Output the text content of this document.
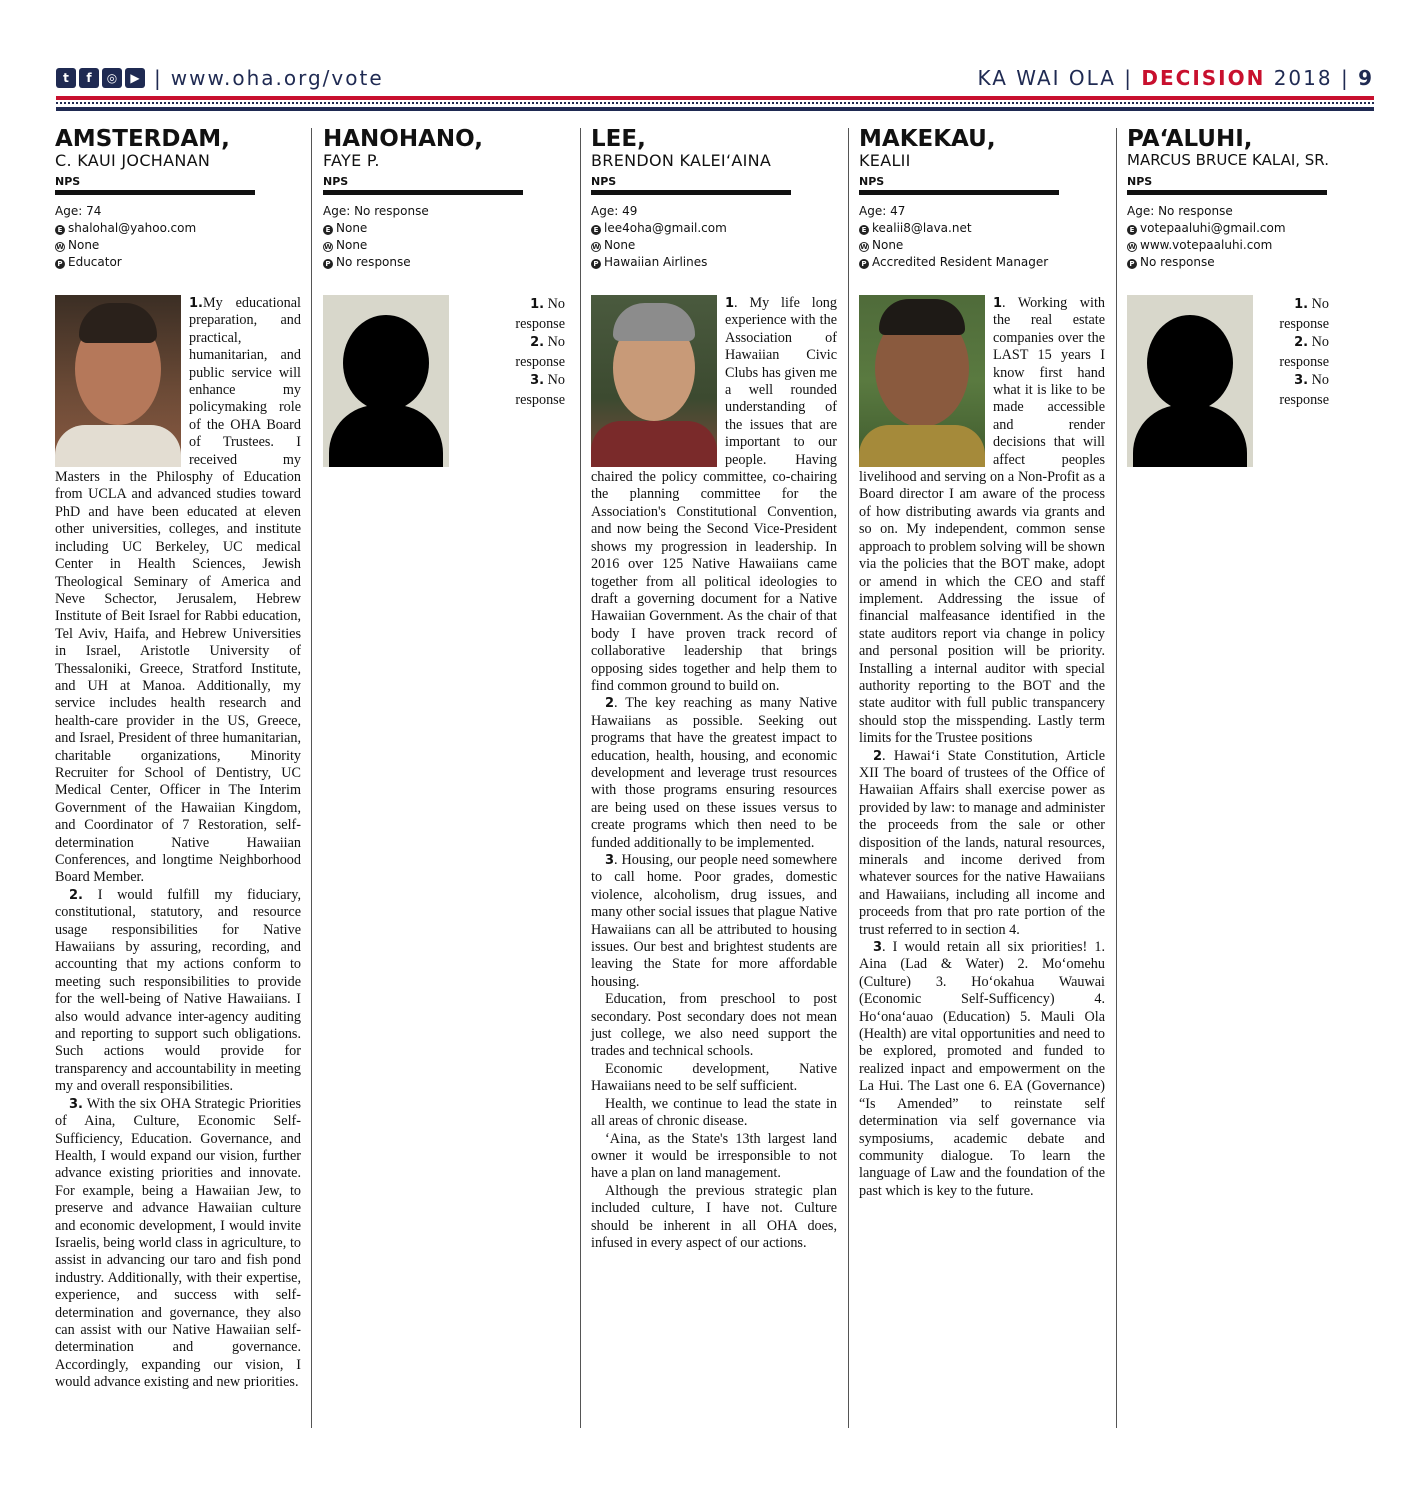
t	f	◎	▶ | www.oha.org/vote	KA WAI OLA | DECISION 2018 | 9
AMSTERDAM,
C. KAUI JOCHANAN
NPS
Age: 74
E shalohal@yahoo.com
W None
P Educator

1.My educational preparation, and practical, humanitarian, and public service will enhance my policymaking role of the OHA Board of Trustees. I received my Masters in the Philosphy of Education from UCLA and advanced studies toward PhD and have been educated at eleven other universities, colleges, and institute including UC Berkeley, UC medical Center in Health Sciences, Jewish Theological Seminary of America and Neve Schector, Jerusalem, Hebrew Institute of Beit Israel for Rabbi education, Tel Aviv, Haifa, and Hebrew Universities in Israel, Aristotle University of Thessaloniki, Greece, Stratford Institute, and UH at Manoa. Additionally, my service includes health research and health-care provider in the US, Greece, and Israel, President of three humanitarian, charitable organizations, Minority Recruiter for School of Dentistry, UC Medical Center, Officer in The Interim Government of the Hawaiian Kingdom, and Coordinator of 7 Restoration, self-determination Native Hawaiian Conferences, and longtime Neighborhood Board Member.

2. I would fulfill my fiduciary, constitutional, statutory, and resource usage responsibilities for Native Hawaiians by assuring, recording, and accounting that my actions conform to meeting such responsibilities to provide for the well-being of Native Hawaiians. I also would advance inter-agency auditing and reporting to support such obligations. Such actions would provide for transparency and accountability in meeting my and overall responsibilities.

3. With the six OHA Strategic Priorities of Aina, Culture, Economic Self-Sufficiency, Education. Governance, and Health, I would expand our vision, further advance existing priorities and innovate. For example, being a Hawaiian Jew, to preserve and advance Hawaiian culture and economic development, I would invite Israelis, being world class in agriculture, to assist in advancing our taro and fish pond industry. Additionally, with their expertise, experience, and success with self-determination and governance, they also can assist with our Native Hawaiian self-determination and governance. Accordingly, expanding our vision, I would advance existing and new priorities.

HANOHANO,
FAYE P.
NPS
Age: No response
E None
W None
P No response
1. No response
2. No response
3. No response
LEE,
BRENDON KALEI‘AINA
NPS
Age: 49
E lee4oha@gmail.com
W None
P Hawaiian Airlines

1. My life long experience with the Association of Hawaiian Civic Clubs has given me a well rounded understanding of the issues that are important to our people. Having chaired the policy committee, co-chairing the planning committee for the Association's Constitutional Convention, and now being the Second Vice-President shows my progression in leadership. In 2016 over 125 Native Hawaiians came together from all political ideologies to draft a governing document for a Native Hawaiian Government. As the chair of that body I have proven track record of collaborative leadership that brings opposing sides together and help them to find common ground to build on.

2. The key reaching as many Native Hawaiians as possible. Seeking out programs that have the greatest impact to education, health, housing, and economic development and leverage trust resources with those programs ensuring resources are being used on these issues versus to create programs which then need to be funded additionally to be implemented.

3. Housing, our people need somewhere to call home. Poor grades, domestic violence, alcoholism, drug issues, and many other social issues that plague Native Hawaiians can all be attributed to housing issues. Our best and brightest students are leaving the State for more affordable housing.

Education, from preschool to post secondary. Post secondary does not mean just college, we also need support the trades and technical schools.

Economic development, Native Hawaiians need to be self sufficient.

Health, we continue to lead the state in all areas of chronic disease.

‘Aina, as the State's 13th largest land owner it would be irresponsible to not have a plan on land management.

Although the previous strategic plan included culture, I have not. Culture should be inherent in all OHA does, infused in every aspect of our actions.

MAKEKAU,
KEALII
NPS
Age: 47
E kealii8@lava.net
W None
P Accredited Resident Manager

1. Working with the real estate companies over the LAST 15 years I know first hand what it is like to be made accessible and render decisions that will affect peoples livelihood and serving on a Non-Profit as a Board director I am aware of the process of how distributing awards via grants and so on. My independent, common sense approach to problem solving will be shown via the policies that the BOT make, adopt or amend in which the CEO and staff implement. Addressing the issue of financial malfeasance identified in the state auditors report via change in policy and personal position will be priority. Installing a internal auditor with special authority reporting to the BOT and the state auditor with full public transpancery should stop the misspending. Lastly term limits for the Trustee positions

2. Hawai‘i State Constitution, Article XII The board of trustees of the Office of Hawaiian Affairs shall exercise power as provided by law: to manage and administer the proceeds from the sale or other disposition of the lands, natural resources, minerals and income derived from whatever sources for the native Hawaiians and Hawaiians, including all income and proceeds from that pro rate portion of the trust referred to in section 4.

3. I would retain all six priorities! 1. Aina (Lad & Water) 2. Mo‘omehu (Culture) 3. Ho‘okahua Wauwai (Economic Self-Sufficency) 4. Ho‘ona‘auao (Education) 5. Mauli Ola (Health) are vital opportunities and need to be explored, promoted and funded to realized inpact and empowerment on the La Hui. The Last one 6. EA (Governance) “Is Amended” to reinstate self determination via self governance via symposiums, academic debate and community dialogue. To learn the language of Law and the foundation of the past which is key to the future.

PA‘ALUHI,
MARCUS BRUCE KALAI, SR.
NPS
Age: No response
E votepaaluhi@gmail.com
W www.votepaaluhi.com
P No response
1. No response
2. No response
3. No response
